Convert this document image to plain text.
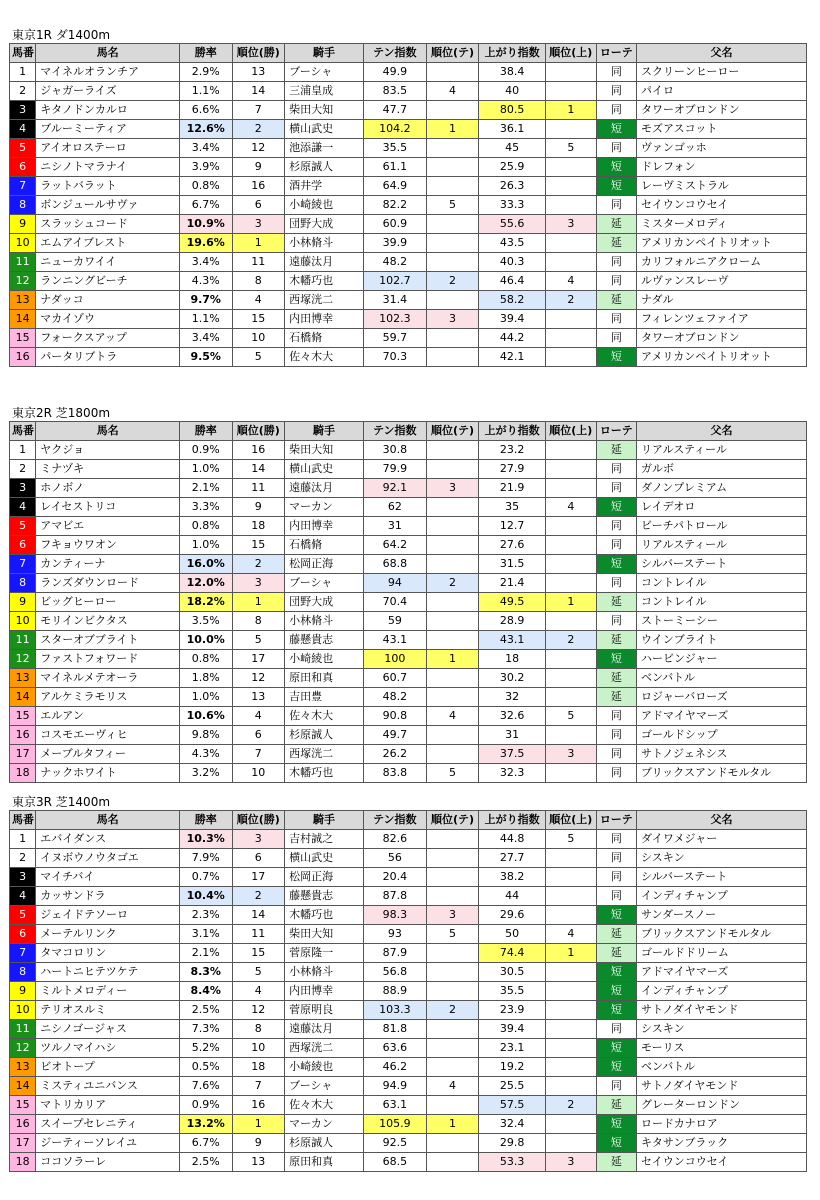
東京1R ダ1400m
馬番	馬名	勝率	順位(勝)	騎手	テン指数	順位(テ)	上がり指数	順位(上)	ローテ	父名
1	マイネルオランチア	2.9%	13	ブーシャ	49.9		38.4		同	スクリーンヒーロー
2	ジャガーライズ	1.1%	14	三浦皇成	83.5	4	40		同	パイロ
3	キタノドンカルロ	6.6%	7	柴田大知	47.7		80.5	1	同	タワーオブロンドン
4	ブルーミーティア	12.6%	2	横山武史	104.2	1	36.1		短	モズアスコット
5	アイオロステーロ	3.4%	12	池添謙一	35.5		45	5	同	ヴァンゴッホ
6	ニシノトマラナイ	3.9%	9	杉原誠人	61.1		25.9		短	ドレフォン
7	ラットバラット	0.8%	16	酒井学	64.9		26.3		短	レーヴミストラル
8	ボンジュールサヴァ	6.7%	6	小崎綾也	82.2	5	33.3		同	セイウンコウセイ
9	スラッシュコード	10.9%	3	団野大成	60.9		55.6	3	延	ミスターメロディ
10	エムアイブレスト	19.6%	1	小林脩斗	39.9		43.5		延	アメリカンペイトリオット
11	ニューカワイイ	3.4%	11	遠藤汰月	48.2		40.3		同	カリフォルニアクローム
12	ランニングビーチ	4.3%	8	木幡巧也	102.7	2	46.4	4	同	ルヴァンスレーヴ
13	ナダッコ	9.7%	4	西塚洸二	31.4		58.2	2	延	ナダル
14	マカイゾウ	1.1%	15	内田博幸	102.3	3	39.4		同	フィレンツェファイア
15	フォークスアップ	3.4%	10	石橋脩	59.7		44.2		同	タワーオブロンドン
16	パータリブトラ	9.5%	5	佐々木大	70.3		42.1		短	アメリカンペイトリオット
東京2R 芝1800m
馬番	馬名	勝率	順位(勝)	騎手	テン指数	順位(テ)	上がり指数	順位(上)	ローテ	父名
1	ヤクジョ	0.9%	16	柴田大知	30.8		23.2		延	リアルスティール
2	ミナヅキ	1.0%	14	横山武史	79.9		27.9		同	ガルボ
3	ホノボノ	2.1%	11	遠藤汰月	92.1	3	21.9		同	ダノンプレミアム
4	レイセストリコ	3.3%	9	マーカン	62		35	4	短	レイデオロ
5	アマビエ	0.8%	18	内田博幸	31		12.7		同	ビーチパトロール
6	フキョウワオン	1.0%	15	石橋脩	64.2		27.6		同	リアルスティール
7	カンティーナ	16.0%	2	松岡正海	68.8		31.5		短	シルバーステート
8	ランズダウンロード	12.0%	3	ブーシャ	94	2	21.4		同	コントレイル
9	ビッグヒーロー	18.2%	1	団野大成	70.4		49.5	1	延	コントレイル
10	モリインビクタス	3.5%	8	小林脩斗	59		28.9		同	ストーミーシー
11	スターオブブライト	10.0%	5	藤懸貴志	43.1		43.1	2	延	ウインブライト
12	ファストフォワード	0.8%	17	小崎綾也	100	1	18		短	ハービンジャー
13	マイネルメテオーラ	1.8%	12	原田和真	60.7		30.2		延	ベンバトル
14	アルケミラモリス	1.0%	13	吉田豊	48.2		32		延	ロジャーバローズ
15	エルアン	10.6%	4	佐々木大	90.8	4	32.6	5	同	アドマイヤマーズ
16	コスモエーヴィヒ	9.8%	6	杉原誠人	49.7		31		同	ゴールドシップ
17	メーブルタフィー	4.3%	7	西塚洸二	26.2		37.5	3	同	サトノジェネシス
18	ナックホワイト	3.2%	10	木幡巧也	83.8	5	32.3		同	ブリックスアンドモルタル
東京3R 芝1400m
馬番	馬名	勝率	順位(勝)	騎手	テン指数	順位(テ)	上がり指数	順位(上)	ローテ	父名
1	エバイダンス	10.3%	3	吉村誠之	82.6		44.8	5	同	ダイワメジャー
2	イヌボウノウタゴエ	7.9%	6	横山武史	56		27.7		同	シスキン
3	マイチバイ	0.7%	17	松岡正海	20.4		38.2		同	シルバーステート
4	カッサンドラ	10.4%	2	藤懸貴志	87.8		44		同	インディチャンプ
5	ジェイドテソーロ	2.3%	14	木幡巧也	98.3	3	29.6		短	サンダースノー
6	メーテルリンク	3.1%	11	柴田大知	93	5	50	4	延	ブリックスアンドモルタル
7	タマコロリン	2.1%	15	菅原隆一	87.9		74.4	1	延	ゴールドドリーム
8	ハートニヒテツケテ	8.3%	5	小林脩斗	56.8		30.5		短	アドマイヤマーズ
9	ミルトメロディー	8.4%	4	内田博幸	88.9		35.5		短	インディチャンプ
10	テリオスルミ	2.5%	12	菅原明良	103.3	2	23.9		短	サトノダイヤモンド
11	ニシノゴージャス	7.3%	8	遠藤汰月	81.8		39.4		同	シスキン
12	ツルノマイハシ	5.2%	10	西塚洸二	63.6		23.1		短	モーリス
13	ビオトープ	0.5%	18	小崎綾也	46.2		19.2		短	ベンバトル
14	ミスティユニバンス	7.6%	7	ブーシャ	94.9	4	25.5		同	サトノダイヤモンド
15	マトリカリア	0.9%	16	佐々木大	63.1		57.5	2	延	グレーターロンドン
16	スイープセレニティ	13.2%	1	マーカン	105.9	1	32.4		短	ロードカナロア
17	ジーティーソレイユ	6.7%	9	杉原誠人	92.5		29.8		短	キタサンブラック
18	ココソラーレ	2.5%	13	原田和真	68.5		53.3	3	延	セイウンコウセイ
